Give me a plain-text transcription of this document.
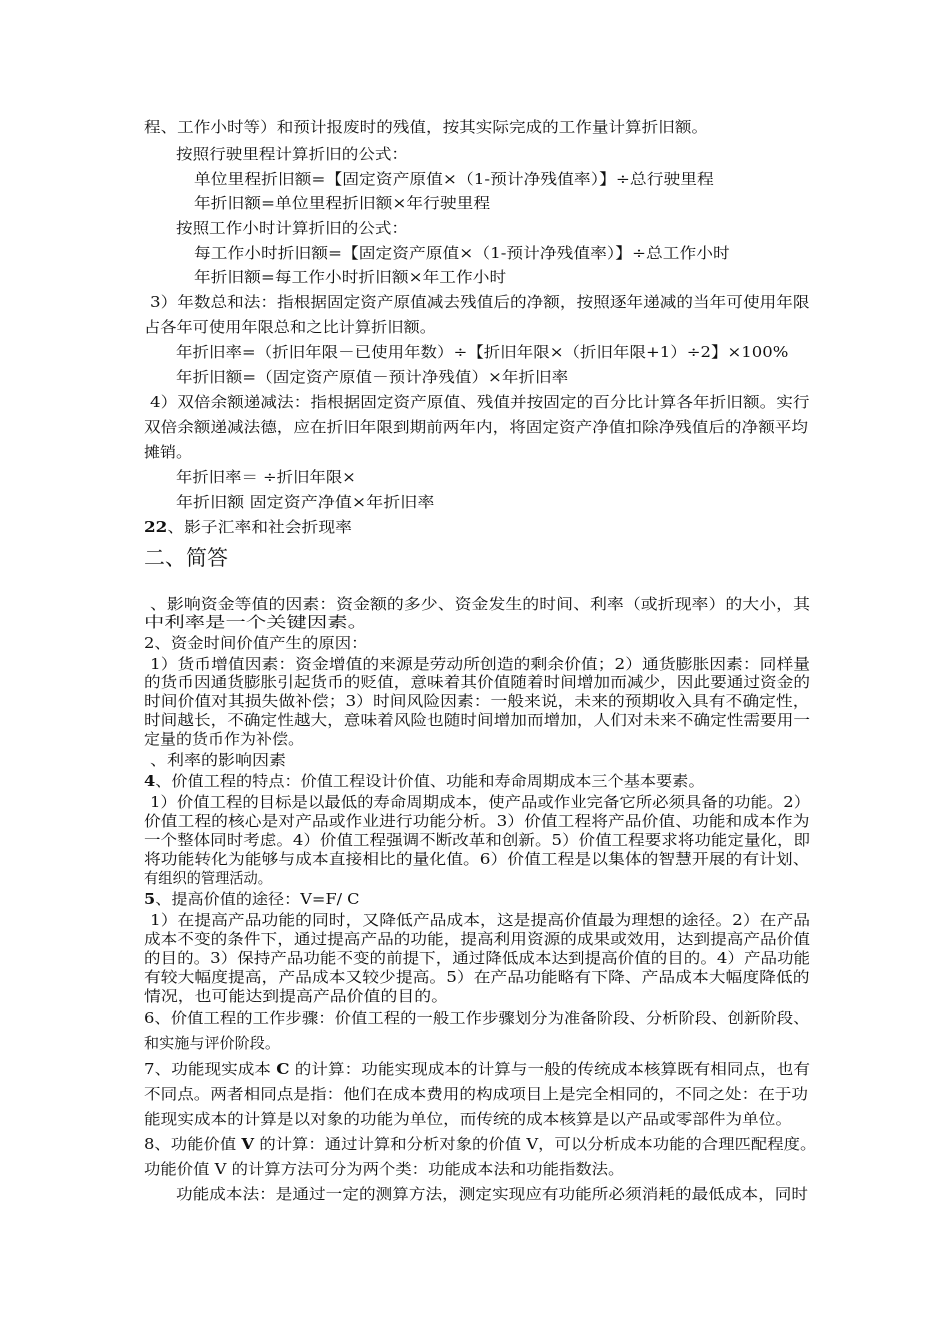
程、工作小时等）和预计报废时的残值，按其实际完成的工作量计算折旧额。
按照行驶里程计算折旧的公式：
单位里程折旧额=【固定资产原值×（1-预计净残值率）】÷总行驶里程
年折旧额=单位里程折旧额×年行驶里程
按照工作小时计算折旧的公式：
每工作小时折旧额=【固定资产原值×（1-预计净残值率）】÷总工作小时
年折旧额=每工作小时折旧额×年工作小时
3）年数总和法：指根据固定资产原值减去残值后的净额，按照逐年递减的当年可使用年限
占各年可使用年限总和之比计算折旧额。
年折旧率=（折旧年限－已使用年数）÷【折旧年限×（折旧年限+1）÷2】×100%
年折旧额=（固定资产原值－预计净残值）×年折旧率
4）双倍余额递减法：指根据固定资产原值、残值并按固定的百分比计算各年折旧额。实行
双倍余额递减法德，应在折旧年限到期前两年内，将固定资产净值扣除净残值后的净额平均
摊销。
年折旧率＝ ÷折旧年限×
年折旧额 固定资产净值×年折旧率
22、影子汇率和社会折现率
、影响资金等值的因素：资金额的多少、资金发生的时间、利率（或折现率）的大小，其
中利率是一个关键因素。
2、资金时间价值产生的原因：
1）货币增值因素：资金增值的来源是劳动所创造的剩余价值；2）通货膨胀因素：同样量
的货币因通货膨胀引起货币的贬值，意味着其价值随着时间增加而减少，因此要通过资金的
时间价值对其损失做补偿；3）时间风险因素：一般来说，未来的预期收入具有不确定性，
时间越长，不确定性越大，意味着风险也随时间增加而增加，人们对未来不确定性需要用一
定量的货币作为补偿。
、利率的影响因素
4、价值工程的特点：价值工程设计价值、功能和寿命周期成本三个基本要素。
1）价值工程的目标是以最低的寿命周期成本，使产品或作业完备它所必须具备的功能。2）
价值工程的核心是对产品或作业进行功能分析。3）价值工程将产品价值、功能和成本作为
一个整体同时考虑。4）价值工程强调不断改革和创新。5）价值工程要求将功能定量化，即
将功能转化为能够与成本直接相比的量化值。6）价值工程是以集体的智慧开展的有计划、
有组织的管理活动。
5、提高价值的途径：V=F/ C
1）在提高产品功能的同时，又降低产品成本，这是提高价值最为理想的途径。2）在产品
成本不变的条件下，通过提高产品的功能，提高利用资源的成果或效用，达到提高产品价值
的目的。3）保持产品功能不变的前提下，通过降低成本达到提高价值的目的。4）产品功能
有较大幅度提高，产品成本又较少提高。5）在产品功能略有下降、产品成本大幅度降低的
情况，也可能达到提高产品价值的目的。
6、价值工程的工作步骤：价值工程的一般工作步骤划分为准备阶段、分析阶段、创新阶段、
和实施与评价阶段。
7、功能现实成本 C 的计算：功能实现成本的计算与一般的传统成本核算既有相同点，也有
不同点。两者相同点是指：他们在成本费用的构成项目上是完全相同的，不同之处：在于功
能现实成本的计算是以对象的功能为单位，而传统的成本核算是以产品或零部件为单位。
8、功能价值 V 的计算：通过计算和分析对象的价值 V，可以分析成本功能的合理匹配程度。
功能价值 V 的计算方法可分为两个类：功能成本法和功能指数法。
功能成本法：是通过一定的测算方法，测定实现应有功能所必须消耗的最低成本，同时
二、简答
